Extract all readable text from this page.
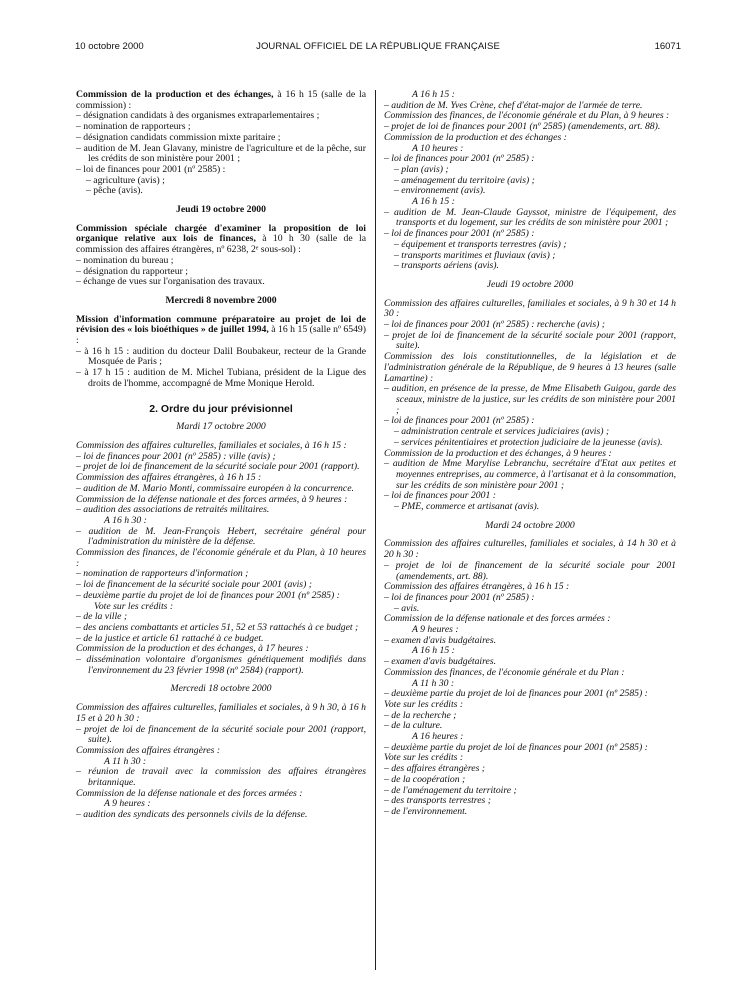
10 octobre 2000	JOURNAL OFFICIEL DE LA RÉPUBLIQUE FRANÇAISE	16071

Commission de la production et des échanges, à 16 h 15 (salle de la commission) :

– désignation candidats à des organismes extraparlementaires ;

– nomination de rapporteurs ;

– désignation candidats commission mixte paritaire ;

– audition de M. Jean Glavany, ministre de l'agriculture et de la pêche, sur les crédits de son ministère pour 2001 ;

– loi de finances pour 2001 (nº 2585) :

– agriculture (avis) ;

– pêche (avis).

Jeudi 19 octobre 2000

Commission spéciale chargée d'examiner la proposition de loi organique relative aux lois de finances, à 10 h 30 (salle de la commission des affaires étrangères, nº 6238, 2ᵉ sous-sol) :

– nomination du bureau ;

– désignation du rapporteur ;

– échange de vues sur l'organisation des travaux.

Mercredi 8 novembre 2000

Mission d'information commune préparatoire au projet de loi de révision des « lois bioéthiques » de juillet 1994, à 16 h 15 (salle nº 6549) :

– à 16 h 15 : audition du docteur Dalil Boubakeur, recteur de la Grande Mosquée de Paris ;

– à 17 h 15 : audition de M. Michel Tubiana, président de la Ligue des droits de l'homme, accompagné de Mme Monique Herold.

2. Ordre du jour prévisionnel

Mardi 17 octobre 2000

Commission des affaires culturelles, familiales et sociales, à 16 h 15 :

– loi de finances pour 2001 (nº 2585) : ville (avis) ;

– projet de loi de financement de la sécurité sociale pour 2001 (rapport).

Commission des affaires étrangères, à 16 h 15 :

– audition de M. Mario Monti, commissaire européen à la concurrence.

Commission de la défense nationale et des forces armées, à 9 heures :

– audition des associations de retraités militaires.

A 16 h 30 :

– audition de M. Jean-François Hebert, secrétaire général pour l'administration du ministère de la défense.

Commission des finances, de l'économie générale et du Plan, à 10 heures :

– nomination de rapporteurs d'information ;

– loi de financement de la sécurité sociale pour 2001 (avis) ;

– deuxième partie du projet de loi de finances pour 2001 (nº 2585) :

Vote sur les crédits :

– de la ville ;

– des anciens combattants et articles 51, 52 et 53 rattachés à ce budget ;

– de la justice et article 61 rattaché à ce budget.

Commission de la production et des échanges, à 17 heures :

– dissémination volontaire d'organismes génétiquement modifiés dans l'environnement du 23 février 1998 (nº 2584) (rapport).

Mercredi 18 octobre 2000

Commission des affaires culturelles, familiales et sociales, à 9 h 30, à 16 h 15 et à 20 h 30 :

– projet de loi de financement de la sécurité sociale pour 2001 (rapport, suite).

Commission des affaires étrangères :

A 11 h 30 :

– réunion de travail avec la commission des affaires étrangères britannique.

Commission de la défense nationale et des forces armées :

A 9 heures :

– audition des syndicats des personnels civils de la défense.

A 16 h 15 :

– audition de M. Yves Crène, chef d'état-major de l'armée de terre.

Commission des finances, de l'économie générale et du Plan, à 9 heures :

– projet de loi de finances pour 2001 (nº 2585) (amendements, art. 88).

Commission de la production et des échanges :

A 10 heures :

– loi de finances pour 2001 (nº 2585) :

– plan (avis) ;

– aménagement du territoire (avis) ;

– environnement (avis).

A 16 h 15 :

– audition de M. Jean-Claude Gayssot, ministre de l'équipement, des transports et du logement, sur les crédits de son ministère pour 2001 ;

– loi de finances pour 2001 (nº 2585) :

– équipement et transports terrestres (avis) ;

– transports maritimes et fluviaux (avis) ;

– transports aériens (avis).

Jeudi 19 octobre 2000

Commission des affaires culturelles, familiales et sociales, à 9 h 30 et 14 h 30 :

– loi de finances pour 2001 (nº 2585) : recherche (avis) ;

– projet de loi de financement de la sécurité sociale pour 2001 (rapport, suite).

Commission des lois constitutionnelles, de la législation et de l'administration générale de la République, de 9 heures à 13 heures (salle Lamartine) :

– audition, en présence de la presse, de Mme Elisabeth Guigou, garde des sceaux, ministre de la justice, sur les crédits de son ministère pour 2001 ;

– loi de finances pour 2001 (nº 2585) :

– administration centrale et services judiciaires (avis) ;

– services pénitentiaires et protection judiciaire de la jeunesse (avis).

Commission de la production et des échanges, à 9 heures :

– audition de Mme Marylise Lebranchu, secrétaire d'Etat aux petites et moyennes entreprises, au commerce, à l'artisanat et à la consommation, sur les crédits de son ministère pour 2001 ;

– loi de finances pour 2001 :

– PME, commerce et artisanat (avis).

Mardi 24 octobre 2000

Commission des affaires culturelles, familiales et sociales, à 14 h 30 et à 20 h 30 :

– projet de loi de financement de la sécurité sociale pour 2001 (amendements, art. 88).

Commission des affaires étrangères, à 16 h 15 :

– loi de finances pour 2001 (nº 2585) :

– avis.

Commission de la défense nationale et des forces armées :

A 9 heures :

– examen d'avis budgétaires.

A 16 h 15 :

– examen d'avis budgétaires.

Commission des finances, de l'économie générale et du Plan :

A 11 h 30 :

– deuxième partie du projet de loi de finances pour 2001 (nº 2585) :

Vote sur les crédits :

– de la recherche ;

– de la culture.

A 16 heures :

– deuxième partie du projet de loi de finances pour 2001 (nº 2585) :

Vote sur les crédits :

– des affaires étrangères ;

– de la coopération ;

– de l'aménagement du territoire ;

– des transports terrestres ;

– de l'environnement.
